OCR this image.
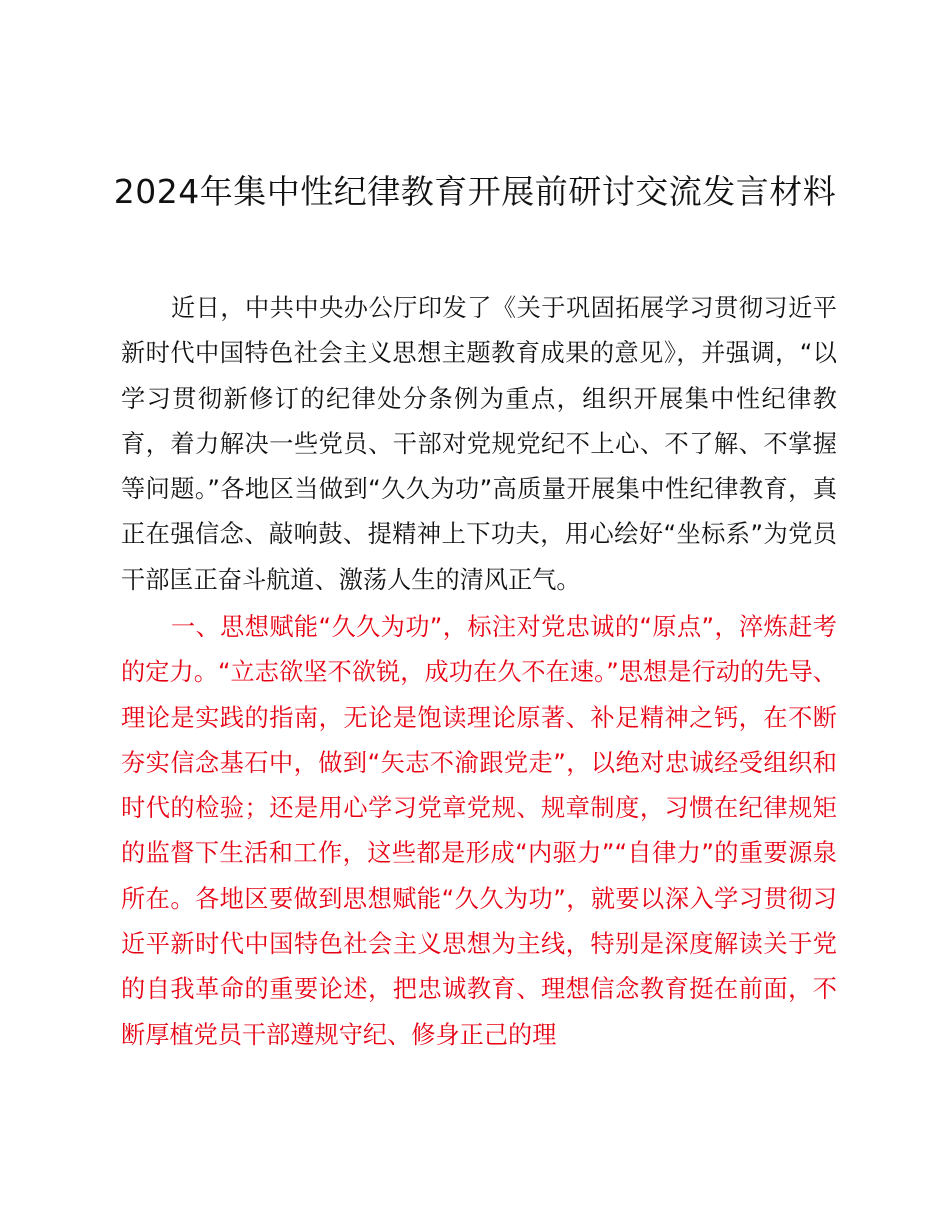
2024年集中性纪律教育开展前研讨交流发言材料

近日，中共中央办公厅印发了《关于巩固拓展学习贯彻习近平新时代中国特色社会主义思想主题教育成果的意见》，并强调，“以学习贯彻新修订的纪律处分条例为重点，组织开展集中性纪律教育，着力解决一些党员、干部对党规党纪不上心、不了解、不掌握等问题。”各地区当做到“久久为功”高质量开展集中性纪律教育，真正在强信念、敲响鼓、提精神上下功夫，用心绘好“坐标系”为党员干部匡正奋斗航道、激荡人生的清风正气。

一、思想赋能“久久为功”，标注对党忠诚的“原点”，淬炼赶考的定力。“立志欲坚不欲锐，成功在久不在速。”思想是行动的先导、理论是实践的指南，无论是饱读理论原著、补足精神之钙，在不断夯实信念基石中，做到“矢志不渝跟党走”，以绝对忠诚经受组织和时代的检验；还是用心学习党章党规、规章制度，习惯在纪律规矩的监督下生活和工作，这些都是形成“内驱力”“自律力”的重要源泉所在。各地区要做到思想赋能“久久为功”，就要以深入学习贯彻习近平新时代中国特色社会主义思想为主线，特别是深度解读关于党的自我革命的重要论述，把忠诚教育、理想信念教育挺在前面，不断厚植党员干部遵规守纪、修身正己的理
